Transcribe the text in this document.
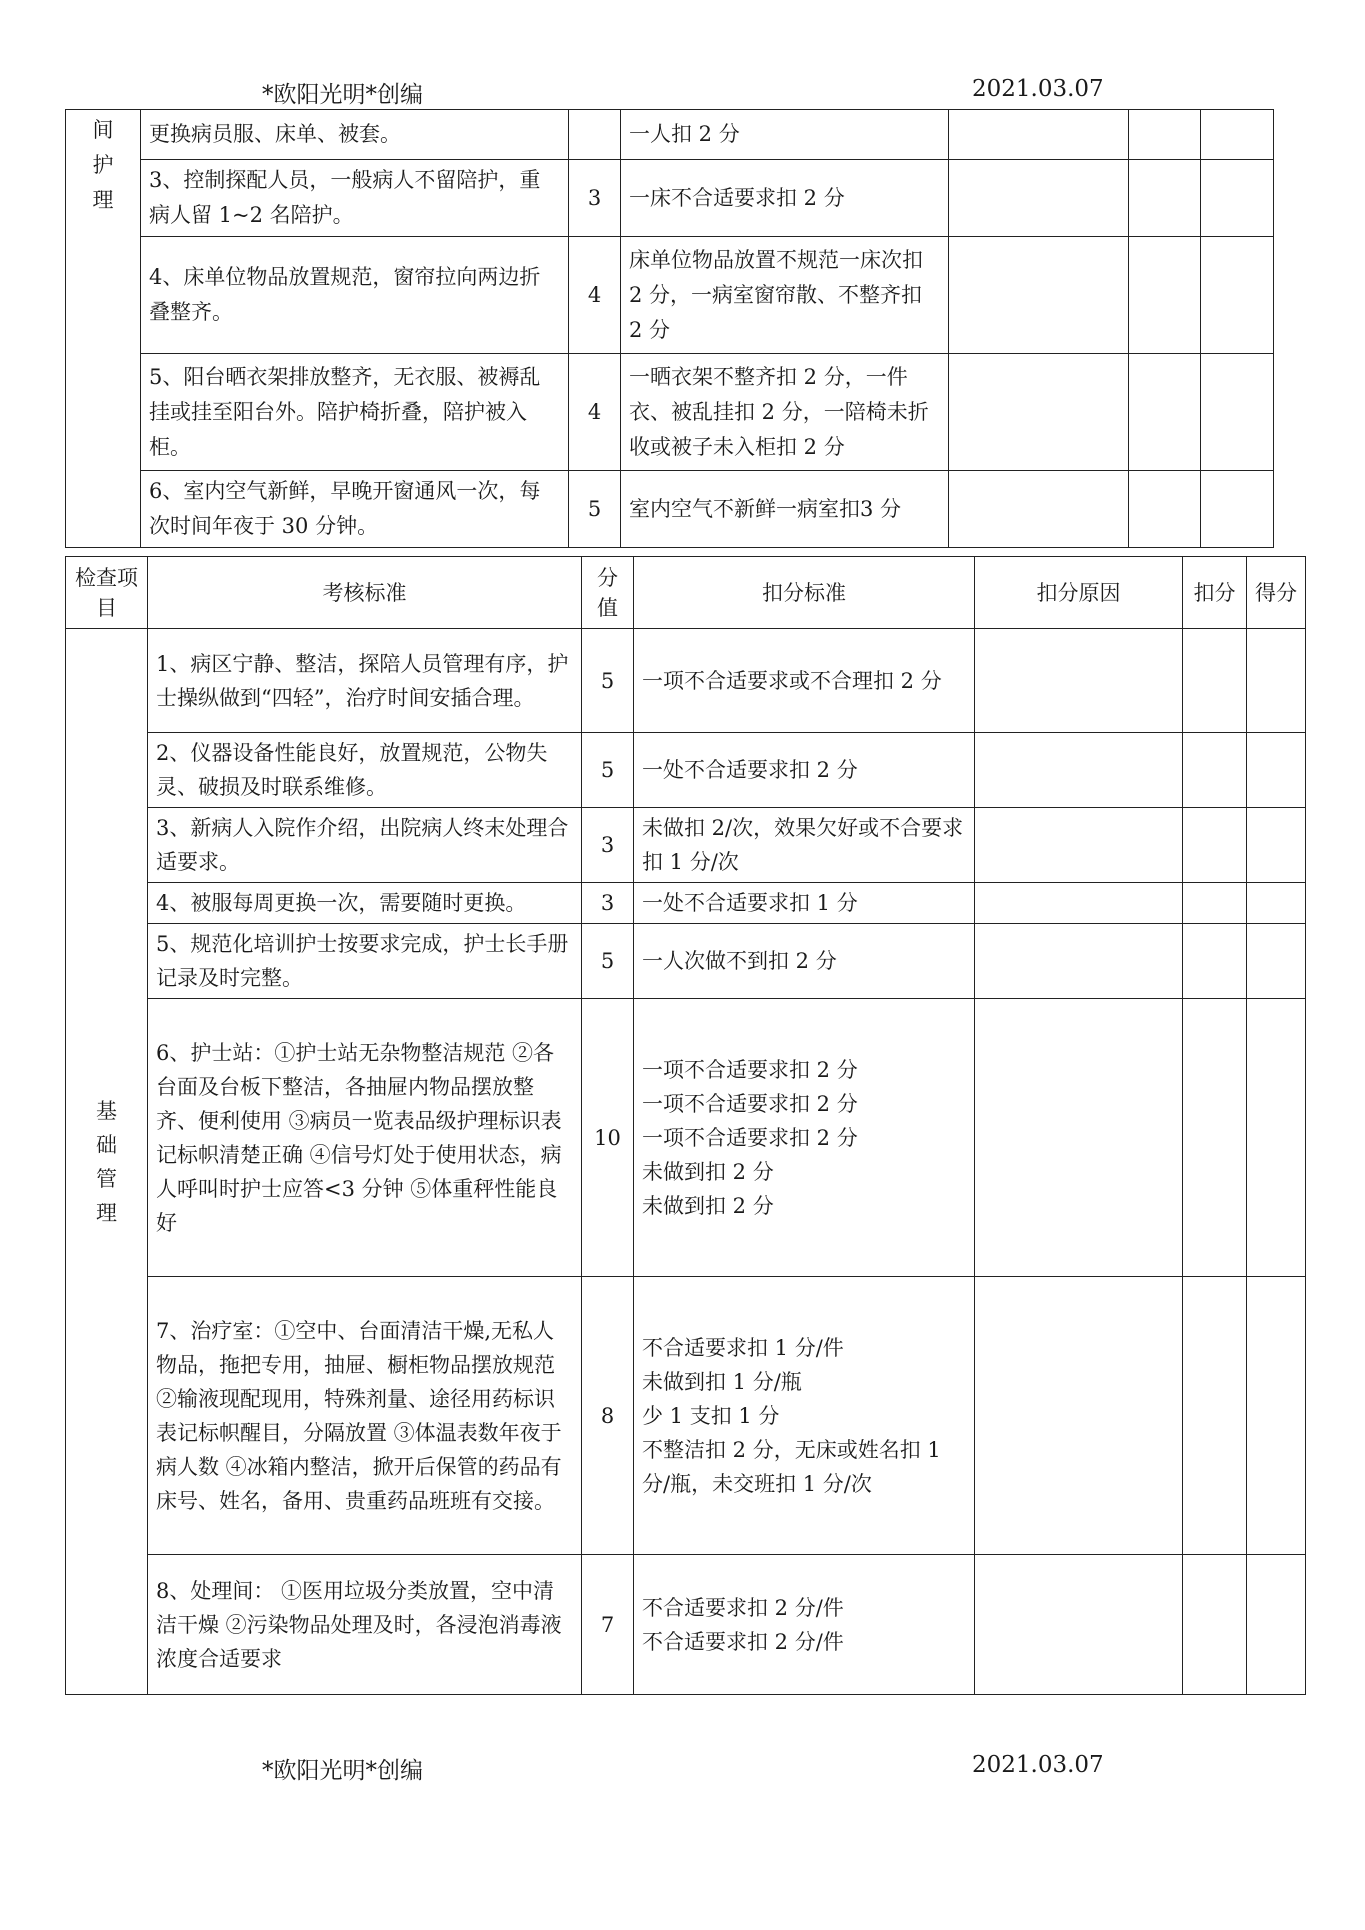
*欧阳光明*创编	2021.03.07
间
护
理	更换病员服、床单、被套。		一人扣 2 分			
	3、控制探配人员，一般病人不留陪护，重病人留 1~2 名陪护。	3	一床不合适要求扣 2 分			
	4、床单位物品放置规范，窗帘拉向两边折叠整齐。	4	床单位物品放置不规范一床次扣 2 分，一病室窗帘散、不整齐扣 2 分			
	5、阳台晒衣架排放整齐，无衣服、被褥乱挂或挂至阳台外。陪护椅折叠，陪护被入柜。	4	一晒衣架不整齐扣 2 分，一件衣、被乱挂扣 2 分，一陪椅未折收或被子未入柜扣 2 分			
	6、室内空气新鲜，早晚开窗通风一次，每次时间年夜于 30 分钟。	5	室内空气不新鲜一病室扣3 分			
检查项目	考核标准	分值	扣分标准	扣分原因	扣分	得分
基
础
管
理	1、病区宁静、整洁，探陪人员管理有序，护士操纵做到“四轻”，治疗时间安插合理。	5	一项不合适要求或不合理扣 2 分			

	2、仪器设备性能良好，放置规范，公物失灵、破损及时联系维修。	5	一处不合适要求扣 2 分			

	3、新病人入院作介绍，出院病人终末处理合适要求。	3	未做扣 2/次，效果欠好或不合要求扣 1 分/次			

	4、被服每周更换一次，需要随时更换。	3	一处不合适要求扣 1 分			

	5、规范化培训护士按要求完成，护士长手册记录及时完整。	5	一人次做不到扣 2 分			

	6、护士站：①护士站无杂物整洁规范 ②各台面及台板下整洁，各抽屉内物品摆放整齐、便利使用 ③病员一览表品级护理标识表记标帜清楚正确 ④信号灯处于使用状态，病人呼叫时护士应答<3 分钟 ⑤体重秤性能良好	10	一项不合适要求扣 2 分
一项不合适要求扣 2 分
一项不合适要求扣 2 分
未做到扣 2 分
未做到扣 2 分			

	7、治疗室：①空中、台面清洁干燥,无私人物品，拖把专用，抽屉、橱柜物品摆放规范 ②输液现配现用，特殊剂量、途径用药标识表记标帜醒目，分隔放置 ③体温表数年夜于病人数 ④冰箱内整洁，掀开后保管的药品有床号、姓名，备用、贵重药品班班有交接。	8	不合适要求扣 1 分/件
未做到扣 1 分/瓶
少 1 支扣 1 分
不整洁扣 2 分，无床或姓名扣 1 分/瓶，未交班扣 1 分/次			

	8、处理间： ①医用垃圾分类放置，空中清洁干燥 ②污染物品处理及时，各浸泡消毒液浓度合适要求	7	不合适要求扣 2 分/件
不合适要求扣 2 分/件			

*欧阳光明*创编	2021.03.07
